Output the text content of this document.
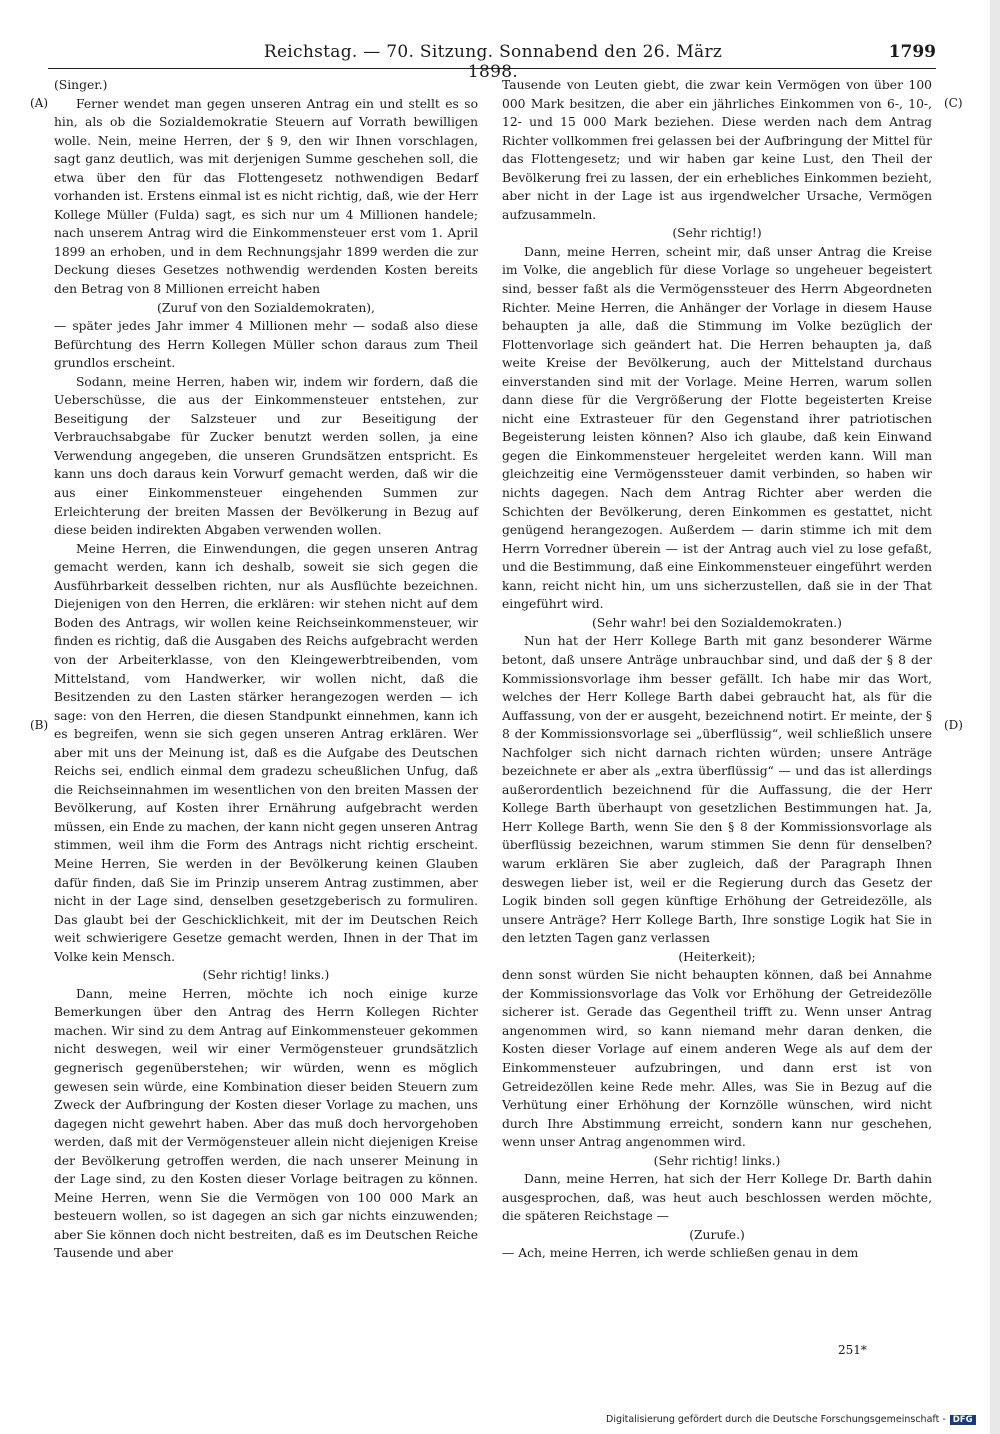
Reichstag. — 70. Sitzung. Sonnabend den 26. März 1898.
1799
(A)
(B)
(C)
(D)

(Singer.)

Ferner wendet man gegen unseren Antrag ein und stellt es so hin, als ob die Sozialdemokratie Steuern auf Vorrath bewilligen wolle. Nein, meine Herren, der § 9, den wir Ihnen vorschlagen, sagt ganz deutlich, was mit derjenigen Summe geschehen soll, die etwa über den für das Flottengesetz nothwendigen Bedarf vorhanden ist. Erstens einmal ist es nicht richtig, daß, wie der Herr Kollege Müller (Fulda) sagt, es sich nur um 4 Millionen handele; nach unserem Antrag wird die Einkommensteuer erst vom 1. April 1899 an erhoben, und in dem Rechnungsjahr 1899 werden die zur Deckung dieses Gesetzes nothwendig werdenden Kosten bereits den Betrag von 8 Millionen erreicht haben

(Zuruf von den Sozialdemokraten),

— später jedes Jahr immer 4 Millionen mehr — sodaß also diese Befürchtung des Herrn Kollegen Müller schon daraus zum Theil grundlos erscheint.

Sodann, meine Herren, haben wir, indem wir fordern, daß die Ueberschüsse, die aus der Einkommensteuer entstehen, zur Beseitigung der Salzsteuer und zur Beseitigung der Verbrauchsabgabe für Zucker benutzt werden sollen, ja eine Verwendung angegeben, die unseren Grundsätzen entspricht. Es kann uns doch daraus kein Vorwurf gemacht werden, daß wir die aus einer Einkommensteuer eingehenden Summen zur Erleichterung der breiten Massen der Bevölkerung in Bezug auf diese beiden indirekten Abgaben verwenden wollen.

Meine Herren, die Einwendungen, die gegen unseren Antrag gemacht werden, kann ich deshalb, soweit sie sich gegen die Ausführbarkeit desselben richten, nur als Ausflüchte bezeichnen. Diejenigen von den Herren, die erklären: wir stehen nicht auf dem Boden des Antrags, wir wollen keine Reichseinkommensteuer, wir finden es richtig, daß die Ausgaben des Reichs aufgebracht werden von der Arbeiterklasse, von den Kleingewerbtreibenden, vom Mittelstand, vom Handwerker, wir wollen nicht, daß die Besitzenden zu den Lasten stärker herangezogen werden — ich sage: von den Herren, die diesen Standpunkt einnehmen, kann ich es begreifen, wenn sie sich gegen unseren Antrag erklären. Wer aber mit uns der Meinung ist, daß es die Aufgabe des Deutschen Reichs sei, endlich einmal dem gradezu scheußlichen Unfug, daß die Reichseinnahmen im wesentlichen von den breiten Massen der Bevölkerung, auf Kosten ihrer Ernährung aufgebracht werden müssen, ein Ende zu machen, der kann nicht gegen unseren Antrag stimmen, weil ihm die Form des Antrags nicht richtig erscheint. Meine Herren, Sie werden in der Bevölkerung keinen Glauben dafür finden, daß Sie im Prinzip unserem Antrag zustimmen, aber nicht in der Lage sind, denselben gesetzgeberisch zu formuliren. Das glaubt bei der Geschicklichkeit, mit der im Deutschen Reich weit schwierigere Gesetze gemacht werden, Ihnen in der That im Volke kein Mensch.

(Sehr richtig! links.)

Dann, meine Herren, möchte ich noch einige kurze Bemerkungen über den Antrag des Herrn Kollegen Richter machen. Wir sind zu dem Antrag auf Einkommensteuer gekommen nicht deswegen, weil wir einer Vermögensteuer grundsätzlich gegnerisch gegenüberstehen; wir würden, wenn es möglich gewesen sein würde, eine Kombination dieser beiden Steuern zum Zweck der Aufbringung der Kosten dieser Vorlage zu machen, uns dagegen nicht gewehrt haben. Aber das muß doch hervorgehoben werden, daß mit der Vermögensteuer allein nicht diejenigen Kreise der Bevölkerung getroffen werden, die nach unserer Meinung in der Lage sind, zu den Kosten dieser Vorlage beitragen zu können. Meine Herren, wenn Sie die Vermögen von 100 000 Mark an besteuern wollen, so ist dagegen an sich gar nichts einzuwenden; aber Sie können doch nicht bestreiten, daß es im Deutschen Reiche Tausende und aber

Tausende von Leuten giebt, die zwar kein Vermögen von über 100 000 Mark besitzen, die aber ein jährliches Einkommen von 6-, 10-, 12- und 15 000 Mark beziehen. Diese werden nach dem Antrag Richter vollkommen frei gelassen bei der Aufbringung der Mittel für das Flottengesetz; und wir haben gar keine Lust, den Theil der Bevölkerung frei zu lassen, der ein erhebliches Einkommen bezieht, aber nicht in der Lage ist aus irgendwelcher Ursache, Vermögen aufzusammeln.

(Sehr richtig!)

Dann, meine Herren, scheint mir, daß unser Antrag die Kreise im Volke, die angeblich für diese Vorlage so ungeheuer begeistert sind, besser faßt als die Vermögenssteuer des Herrn Abgeordneten Richter. Meine Herren, die Anhänger der Vorlage in diesem Hause behaupten ja alle, daß die Stimmung im Volke bezüglich der Flottenvorlage sich geändert hat. Die Herren behaupten ja, daß weite Kreise der Bevölkerung, auch der Mittelstand durchaus einverstanden sind mit der Vorlage. Meine Herren, warum sollen dann diese für die Vergrößerung der Flotte begeisterten Kreise nicht eine Extrasteuer für den Gegenstand ihrer patriotischen Begeisterung leisten können? Also ich glaube, daß kein Einwand gegen die Einkommensteuer hergeleitet werden kann. Will man gleichzeitig eine Vermögenssteuer damit verbinden, so haben wir nichts dagegen. Nach dem Antrag Richter aber werden die Schichten der Bevölkerung, deren Einkommen es gestattet, nicht genügend herangezogen. Außerdem — darin stimme ich mit dem Herrn Vorredner überein — ist der Antrag auch viel zu lose gefaßt, und die Bestimmung, daß eine Einkommensteuer eingeführt werden kann, reicht nicht hin, um uns sicherzustellen, daß sie in der That eingeführt wird.

(Sehr wahr! bei den Sozialdemokraten.)

Nun hat der Herr Kollege Barth mit ganz besonderer Wärme betont, daß unsere Anträge unbrauchbar sind, und daß der § 8 der Kommissionsvorlage ihm besser gefällt. Ich habe mir das Wort, welches der Herr Kollege Barth dabei gebraucht hat, als für die Auffassung, von der er ausgeht, bezeichnend notirt. Er meinte, der § 8 der Kommissionsvorlage sei „überflüssig“, weil schließlich unsere Nachfolger sich nicht darnach richten würden; unsere Anträge bezeichnete er aber als „extra überflüssig“ — und das ist allerdings außerordentlich bezeichnend für die Auffassung, die der Herr Kollege Barth überhaupt von gesetzlichen Bestimmungen hat. Ja, Herr Kollege Barth, wenn Sie den § 8 der Kommissionsvorlage als überflüssig bezeichnen, warum stimmen Sie denn für denselben? warum erklären Sie aber zugleich, daß der Paragraph Ihnen deswegen lieber ist, weil er die Regierung durch das Gesetz der Logik binden soll gegen künftige Erhöhung der Getreidezölle, als unsere Anträge? Herr Kollege Barth, Ihre sonstige Logik hat Sie in den letzten Tagen ganz verlassen

(Heiterkeit);

denn sonst würden Sie nicht behaupten können, daß bei Annahme der Kommissionsvorlage das Volk vor Erhöhung der Getreidezölle sicherer ist. Gerade das Gegentheil trifft zu. Wenn unser Antrag angenommen wird, so kann niemand mehr daran denken, die Kosten dieser Vorlage auf einem anderen Wege als auf dem der Einkommensteuer aufzubringen, und dann erst ist von Getreidezöllen keine Rede mehr. Alles, was Sie in Bezug auf die Verhütung einer Erhöhung der Kornzölle wünschen, wird nicht durch Ihre Abstimmung erreicht, sondern kann nur geschehen, wenn unser Antrag angenommen wird.

(Sehr richtig! links.)

Dann, meine Herren, hat sich der Herr Kollege Dr. Barth dahin ausgesprochen, daß, was heut auch beschlossen werden möchte, die späteren Reichstage —

(Zurufe.)

— Ach, meine Herren, ich werde schließen genau in dem

251*
Digitalisierung gefördert durch die Deutsche Forschungsgemeinschaft - DFG
